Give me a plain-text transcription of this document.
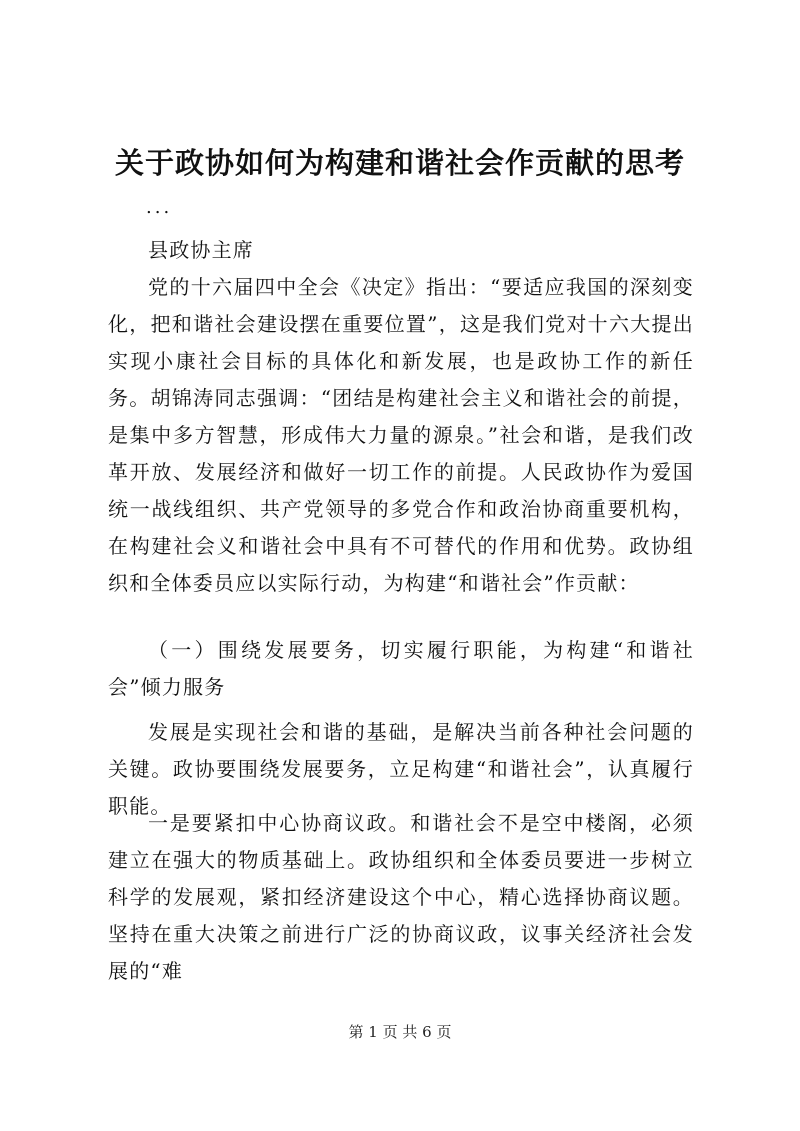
关于政协如何为构建和谐社会作贡献的思考
...

县政协主席

党的十六届四中全会《决定》指出：“要适应我国的深刻变化，把和谐社会建设摆在重要位置”，这是我们党对十六大提出实现小康社会目标的具体化和新发展，也是政协工作的新任务。胡锦涛同志强调：“团结是构建社会主义和谐社会的前提，是集中多方智慧，形成伟大力量的源泉。”社会和谐，是我们改革开放、发展经济和做好一切工作的前提。人民政协作为爱国统一战线组织、共产党领导的多党合作和政治协商重要机构，在构建社会义和谐社会中具有不可替代的作用和优势。政协组织和全体委员应以实际行动，为构建“和谐社会”作贡献：

（一）围绕发展要务，切实履行职能，为构建“和谐社会”倾力服务

发展是实现社会和谐的基础，是解决当前各种社会问题的关键。政协要围绕发展要务，立足构建“和谐社会”，认真履行职能。

一是要紧扣中心协商议政。和谐社会不是空中楼阁，必须建立在强大的物质基础上。政协组织和全体委员要进一步树立科学的发展观，紧扣经济建设这个中心，精心选择协商议题。坚持在重大决策之前进行广泛的协商议政，议事关经济社会发展的“难

第 1 页 共 6 页
